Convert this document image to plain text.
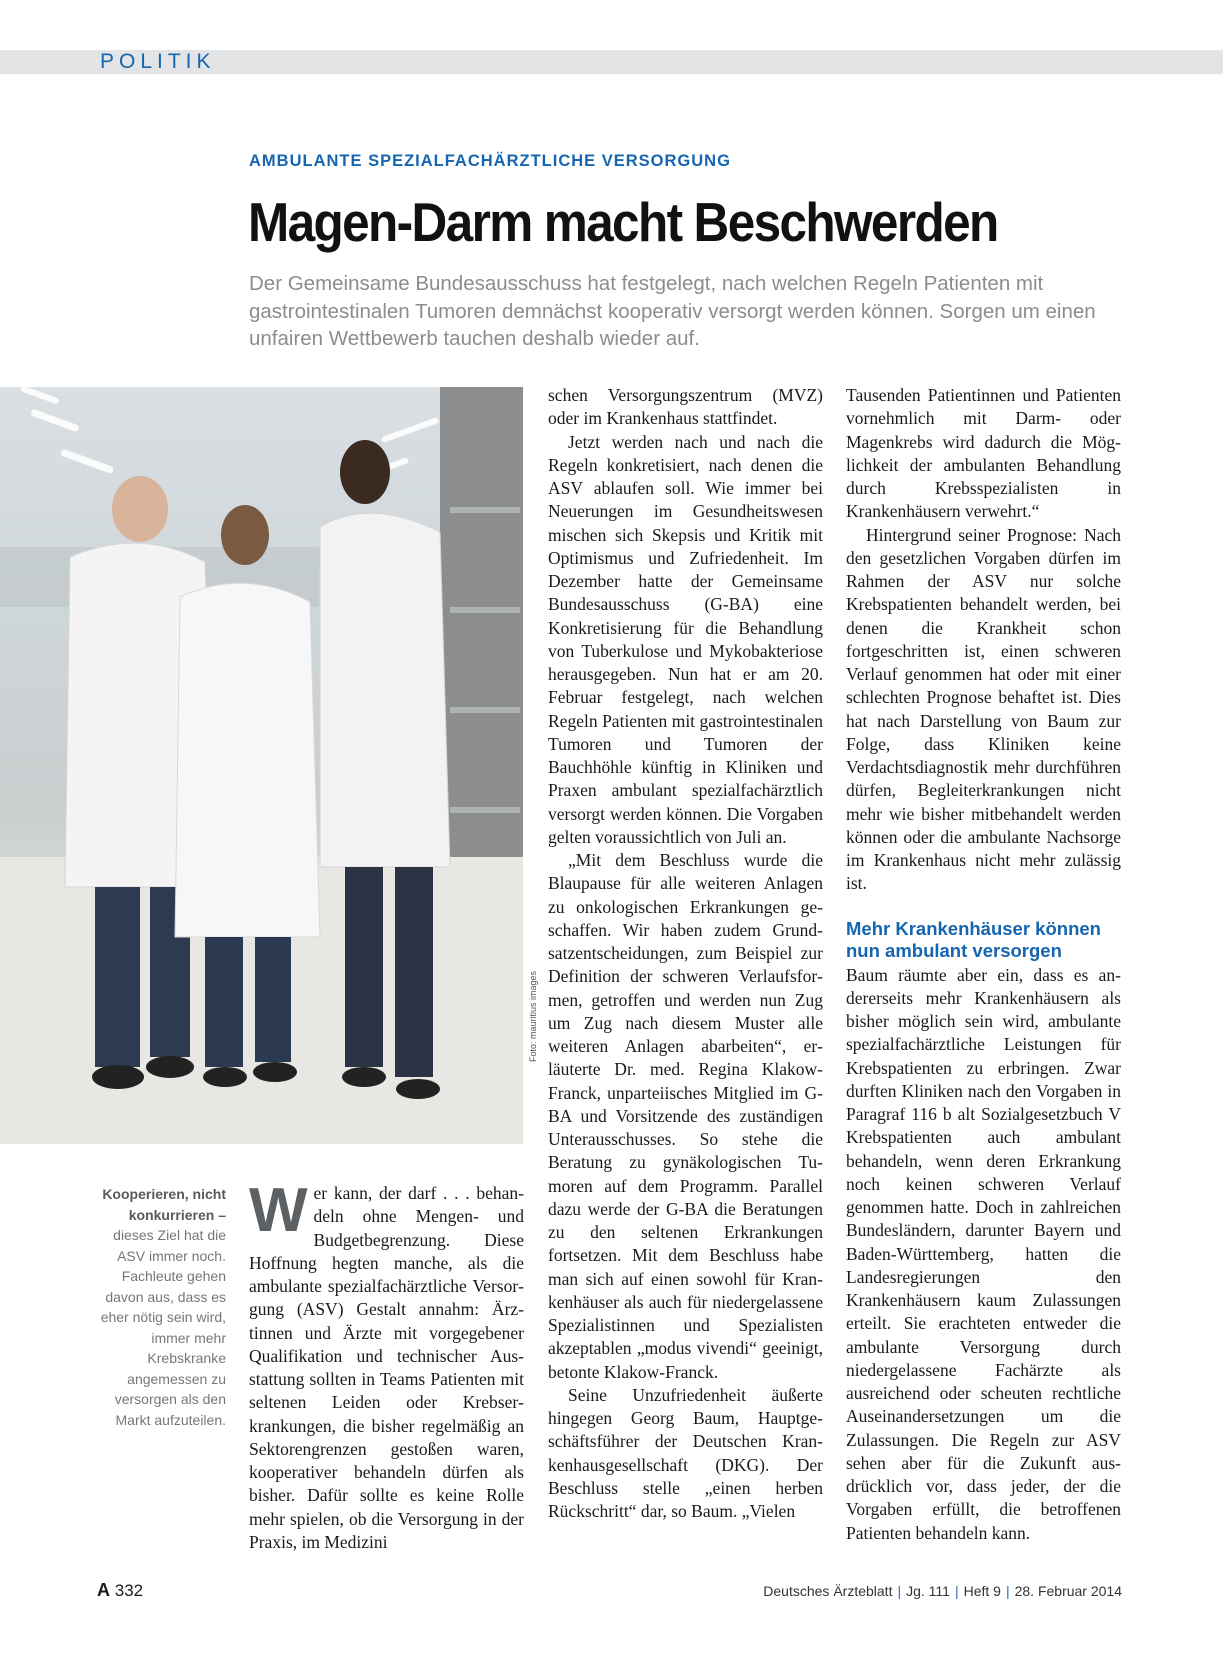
POLITIK
AMBULANTE SPEZIALFACHÄRZTLICHE VERSORGUNG
Magen-Darm macht Beschwerden
Der Gemeinsame Bundesausschuss hat festgelegt, nach welchen Regeln Patienten mit gastrointestinalen Tumoren demnächst kooperativ versorgt werden können. Sorgen um einen unfairen Wettbewerb tauchen deshalb wieder auf.
Foto: mauritius images
Kooperieren, nicht konkurrieren – dieses Ziel hat die ASV immer noch. Fachleute gehen davon aus, dass es eher nötig sein wird, immer mehr Krebskranke angemessen zu versorgen als den Markt aufzuteilen.

Wer kann, der darf . . . behandeln ohne Mengen- und Budgetbegrenzung. Diese Hoffnung hegten manche, als die ambulante spezialfachärztliche Versorgung (ASV) Gestalt annahm: Ärztinnen und Ärzte mit vorgegebener Qualifikation und technischer Ausstattung sollten in Teams Patienten mit seltenen Leiden oder Krebserkrankungen, die bisher regelmäßig an Sektorengrenzen gestoßen waren, kooperativer behandeln dürfen als bisher. Dafür sollte es keine Rolle mehr spielen, ob die Versorgung in der Praxis, im Medizini

schen Versorgungszentrum (MVZ) oder im Krankenhaus stattfindet.

Jetzt werden nach und nach die Regeln konkretisiert, nach denen die ASV ablaufen soll. Wie immer bei Neuerungen im Gesundheitswesen mischen sich Skepsis und Kritik mit Optimismus und Zufriedenheit. Im Dezember hatte der Gemeinsame Bundesausschuss (G-BA) eine Konkretisierung für die Behandlung von Tuberkulose und Mykobakteriose herausgegeben. Nun hat er am 20. Februar festgelegt, nach welchen Regeln Patienten mit gastrointestinalen Tumoren und Tumoren der Bauchhöhle künftig in Kliniken und Praxen ambulant spezialfachärztlich versorgt werden können. Die Vorgaben gelten voraussichtlich von Juli an.

„Mit dem Beschluss wurde die Blaupause für alle weiteren Anlagen zu onkologischen Erkrankungen geschaffen. Wir haben zudem Grundsatzentscheidungen, zum Beispiel zur Definition der schweren Verlaufsformen, getroffen und werden nun Zug um Zug nach diesem Muster alle weiteren Anlagen abarbeiten“, erläuterte Dr. med. Regina Klakow-Franck, unparteiisches Mitglied im G-BA und Vorsitzende des zuständigen Unterausschusses. So stehe die Beratung zu gynäkologischen Tumoren auf dem Programm. Parallel dazu werde der G-BA die Beratungen zu den seltenen Erkrankungen fortsetzen. Mit dem Beschluss habe man sich auf einen sowohl für Krankenhäuser als auch für niedergelassene Spezialistinnen und Spezialisten akzeptablen „modus vivendi“ geeinigt, betonte Klakow-Franck.

Seine Unzufriedenheit äußerte hingegen Georg Baum, Hauptgeschäftsführer der Deutschen Krankenhausgesellschaft (DKG). Der Beschluss stelle „einen herben Rückschritt“ dar, so Baum. „Vielen

Tausenden Patientinnen und Patienten vornehmlich mit Darm- oder Magenkrebs wird dadurch die Möglichkeit der ambulanten Behandlung durch Krebsspezialisten in Krankenhäusern verwehrt.“

Hintergrund seiner Prognose: Nach den gesetzlichen Vorgaben dürfen im Rahmen der ASV nur solche Krebspatienten behandelt werden, bei denen die Krankheit schon fortgeschritten ist, einen schweren Verlauf genommen hat oder mit einer schlechten Prognose behaftet ist. Dies hat nach Darstellung von Baum zur Folge, dass Kliniken keine Verdachtsdiagnostik mehr durchführen dürfen, Begleiterkrankungen nicht mehr wie bisher mitbehandelt werden können oder die ambulante Nachsorge im Krankenhaus nicht mehr zulässig ist.

Mehr Krankenhäuser können nun ambulant versorgen

Baum räumte aber ein, dass es andererseits mehr Krankenhäusern als bisher möglich sein wird, ambulante spezialfachärztliche Leistungen für Krebspatienten zu erbringen. Zwar durften Kliniken nach den Vorgaben in Paragraf 116 b alt Sozialgesetzbuch V Krebspatienten auch ambulant behandeln, wenn deren Erkrankung noch keinen schweren Verlauf genommen hatte. Doch in zahlreichen Bundesländern, darunter Bayern und Baden-Württemberg, hatten die Landesregierungen den Krankenhäusern kaum Zulassungen erteilt. Sie erachteten entweder die ambulante Versorgung durch niedergelassene Fachärzte als ausreichend oder scheuten rechtliche Auseinandersetzungen um die Zulassungen. Die Regeln zur ASV sehen aber für die Zukunft ausdrücklich vor, dass jeder, der die Vorgaben erfüllt, die betroffenen Patienten behandeln kann.

A 332	Deutsches Ärzteblatt | Jg. 111 | Heft 9 | 28. Februar 2014
